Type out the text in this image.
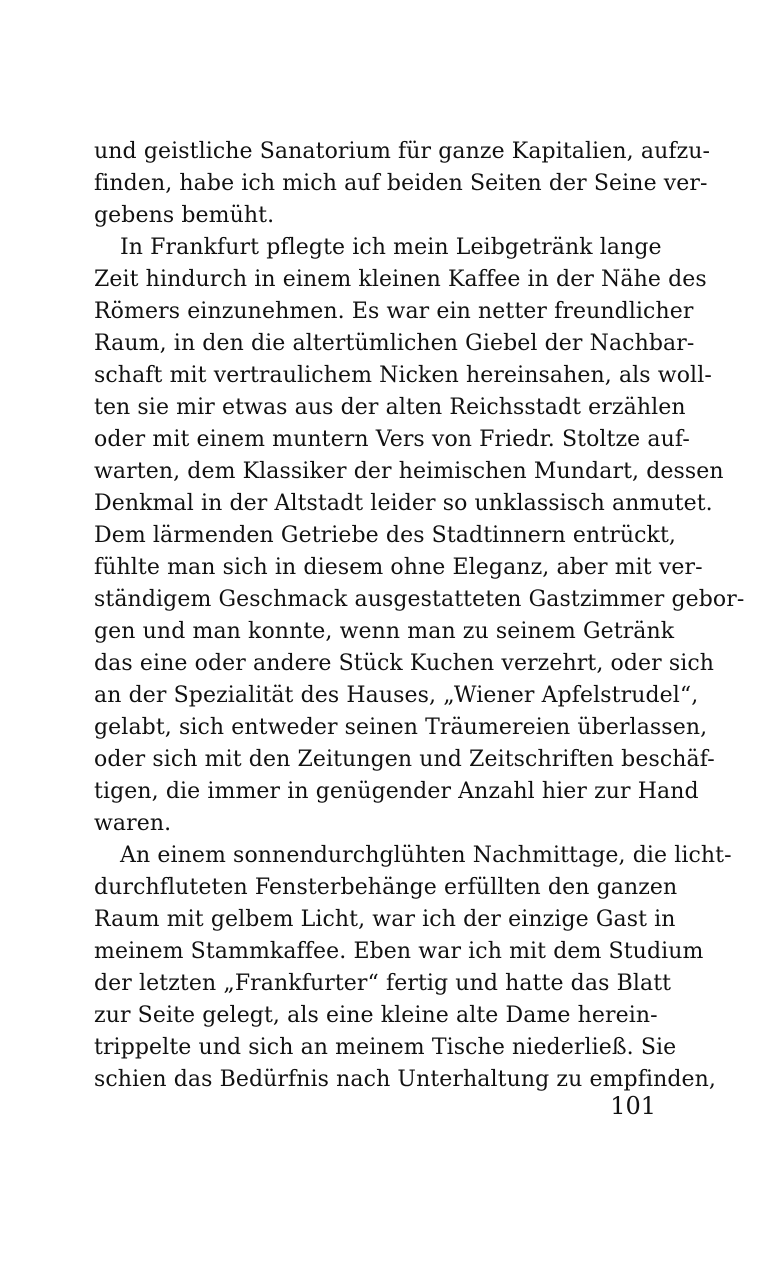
und geistliche Sanatorium für ganze Kapitalien, aufzu-
finden, habe ich mich auf beiden Seiten der Seine ver-
gebens bemüht.
In Frankfurt pflegte ich mein Leibgetränk lange
Zeit hindurch in einem kleinen Kaffee in der Nähe des
Römers einzunehmen. Es war ein netter freundlicher
Raum, in den die altertümlichen Giebel der Nachbar-
schaft mit vertraulichem Nicken hereinsahen, als woll-
ten sie mir etwas aus der alten Reichsstadt erzählen
oder mit einem muntern Vers von Friedr. Stoltze auf-
warten, dem Klassiker der heimischen Mundart, dessen
Denkmal in der Altstadt leider so unklassisch anmutet.
Dem lärmenden Getriebe des Stadtinnern entrückt,
fühlte man sich in diesem ohne Eleganz, aber mit ver-
ständigem Geschmack ausgestatteten Gastzimmer gebor-
gen und man konnte, wenn man zu seinem Getränk
das eine oder andere Stück Kuchen verzehrt, oder sich
an der Spezialität des Hauses, „Wiener Apfelstrudel“,
gelabt, sich entweder seinen Träumereien überlassen,
oder sich mit den Zeitungen und Zeitschriften beschäf-
tigen, die immer in genügender Anzahl hier zur Hand
waren.
An einem sonnendurchglühten Nachmittage, die licht-
durchfluteten Fensterbehänge erfüllten den ganzen
Raum mit gelbem Licht, war ich der einzige Gast in
meinem Stammkaffee. Eben war ich mit dem Studium
der letzten „Frankfurter“ fertig und hatte das Blatt
zur Seite gelegt, als eine kleine alte Dame herein-
trippelte und sich an meinem Tische niederließ. Sie
schien das Bedürfnis nach Unterhaltung zu empfinden,
101
